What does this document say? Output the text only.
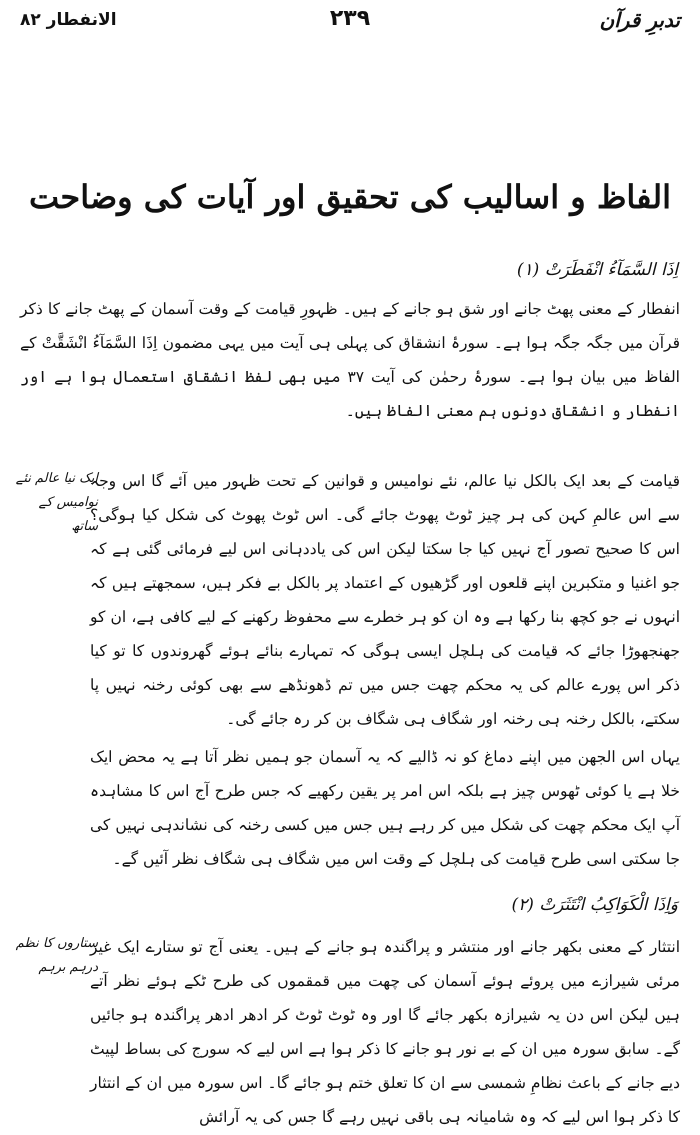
تدبرِ قرآن
۲۳۹
الانفطار ۸۲
الفاظ و اسالیب کی تحقیق اور آیات کی وضاحت
اِذَا السَّمَآءُ انْفَطَرَتْ (۱)
انفطار کے معنی پھٹ جانے اور شق ہو جانے کے ہیں۔ ظہورِ قیامت کے وقت آسمان کے پھٹ جانے کا ذکر قرآن میں جگہ جگہ ہوا ہے۔ سورۂ انشقاق کی پہلی ہی آیت میں یہی مضمون اِذَا السَّمَآءُ انْشَقَّتْ کے الفاظ میں بیان ہوا ہے۔ سورۂ رحمٰن کی آیت ۳۷ میں بھی لفظ انشقاق استعمال ہوا ہے اور انفطار و انشقاق دونوں ہم معنی الفاظ ہیں۔
ایک نیا عالم نئے نوامیس کے ساتھ
قیامت کے بعد ایک بالکل نیا عالم، نئے نوامیس و قوانین کے تحت ظہور میں آئے گا اس وجہ سے اس عالمِ کہن کی ہر چیز ٹوٹ پھوٹ جائے گی۔ اس ٹوٹ پھوٹ کی شکل کیا ہوگی؟ اس کا صحیح تصور آج نہیں کیا جا سکتا لیکن اس کی یاددہانی اس لیے فرمائی گئی ہے کہ جو اغنیا و متکبرین اپنے قلعوں اور گڑھیوں کے اعتماد پر بالکل بے فکر ہیں، سمجھتے ہیں کہ انہوں نے جو کچھ بنا رکھا ہے وہ ان کو ہر خطرے سے محفوظ رکھنے کے لیے کافی ہے، ان کو جھنجھوڑا جائے کہ قیامت کی ہلچل ایسی ہوگی کہ تمہارے بنائے ہوئے گھروندوں کا تو کیا ذکر اس پورے عالم کی یہ محکم چھت جس میں تم ڈھونڈھے سے بھی کوئی رخنہ نہیں پا سکتے، بالکل رخنہ ہی رخنہ اور شگاف ہی شگاف بن کر رہ جائے گی۔
یہاں اس الجھن میں اپنے دماغ کو نہ ڈالیے کہ یہ آسمان جو ہمیں نظر آتا ہے یہ محض ایک خلا ہے یا کوئی ٹھوس چیز ہے بلکہ اس امر پر یقین رکھیے کہ جس طرح آج اس کا مشاہدہ آپ ایک محکم چھت کی شکل میں کر رہے ہیں جس میں کسی رخنہ کی نشاندہی نہیں کی جا سکتی اسی طرح قیامت کی ہلچل کے وقت اس میں شگاف ہی شگاف نظر آئیں گے۔
وَاِذَا الْكَوَاكِبُ انْتَثَرَتْ (۲)
ستاروں کا نظم درہم برہم
انتثار کے معنی بکھر جانے اور منتشر و پراگندہ ہو جانے کے ہیں۔ یعنی آج تو ستارے ایک غیر مرئی شیرازے میں پروئے ہوئے آسمان کی چھت میں قمقموں کی طرح ٹکے ہوئے نظر آتے ہیں لیکن اس دن یہ شیرازہ بکھر جائے گا اور وہ ٹوٹ ٹوٹ کر ادھر ادھر پراگندہ ہو جائیں گے۔ سابق سورہ میں ان کے بے نور ہو جانے کا ذکر ہوا ہے اس لیے کہ سورج کی بساط لپیٹ دیے جانے کے باعث نظامِ شمسی سے ان کا تعلق ختم ہو جائے گا۔ اس سورہ میں ان کے انتثار کا ذکر ہوا اس لیے کہ وہ شامیانہ ہی باقی نہیں رہے گا جس کی یہ آرائش
